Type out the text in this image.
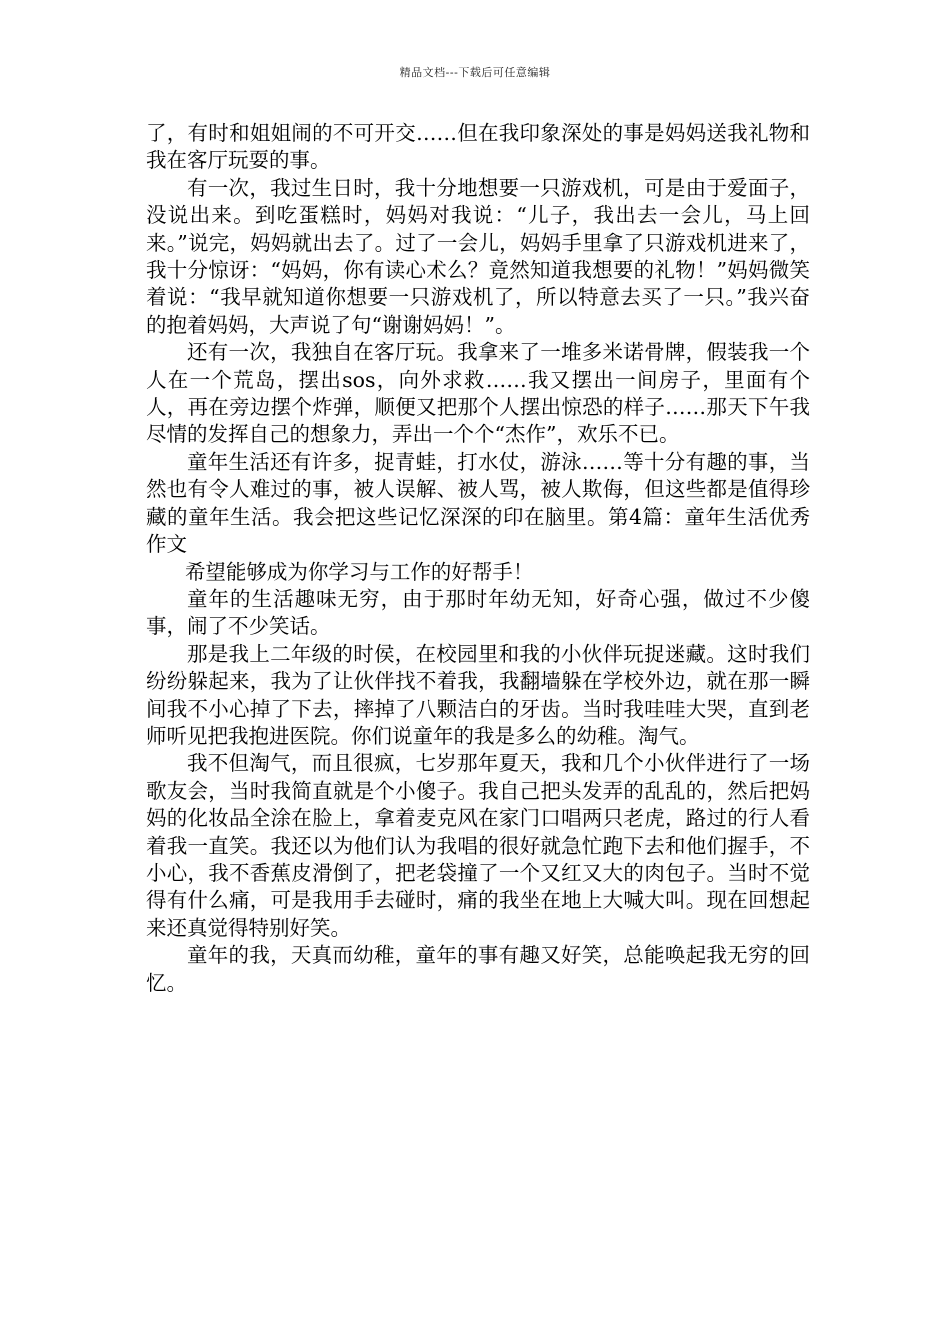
精品文档---下载后可任意编辑

了，有时和姐姐闹的不可开交……但在我印象深处的事是妈妈送我礼物和我在客厅玩耍的事。

有一次，我过生日时，我十分地想要一只游戏机，可是由于爱面子，没说出来。到吃蛋糕时，妈妈对我说：“儿子，我出去一会儿，马上回来。”说完，妈妈就出去了。过了一会儿，妈妈手里拿了只游戏机进来了，我十分惊讶：“妈妈，你有读心术么？竟然知道我想要的礼物！”妈妈微笑着说：“我早就知道你想要一只游戏机了，所以特意去买了一只。”我兴奋的抱着妈妈，大声说了句“谢谢妈妈！”。

还有一次，我独自在客厅玩。我拿来了一堆多米诺骨牌，假装我一个人在一个荒岛，摆出sos，向外求救……我又摆出一间房子，里面有个人，再在旁边摆个炸弹，顺便又把那个人摆出惊恐的样子……那天下午我尽情的发挥自己的想象力，弄出一个个“杰作”，欢乐不已。

童年生活还有许多，捉青蛙，打水仗，游泳……等十分有趣的事，当然也有令人难过的事，被人误解、被人骂，被人欺侮，但这些都是值得珍藏的童年生活。我会把这些记忆深深的印在脑里。第4篇：童年生活优秀作文

希望能够成为你学习与工作的好帮手！

童年的生活趣味无穷，由于那时年幼无知，好奇心强，做过不少傻事，闹了不少笑话。

那是我上二年级的时侯，在校园里和我的小伙伴玩捉迷藏。这时我们纷纷躲起来，我为了让伙伴找不着我，我翻墙躲在学校外边，就在那一瞬间我不小心掉了下去，摔掉了八颗洁白的牙齿。当时我哇哇大哭，直到老师听见把我抱进医院。你们说童年的我是多么的幼稚。淘气。

我不但淘气，而且很疯，七岁那年夏天，我和几个小伙伴进行了一场歌友会，当时我简直就是个小傻子。我自己把头发弄的乱乱的，然后把妈妈的化妆品全涂在脸上，拿着麦克风在家门口唱两只老虎，路过的行人看着我一直笑。我还以为他们认为我唱的很好就急忙跑下去和他们握手，不小心，我不香蕉皮滑倒了，把老袋撞了一个又红又大的肉包子。当时不觉得有什么痛，可是我用手去碰时，痛的我坐在地上大喊大叫。现在回想起来还真觉得特别好笑。

童年的我，天真而幼稚，童年的事有趣又好笑，总能唤起我无穷的回忆。
